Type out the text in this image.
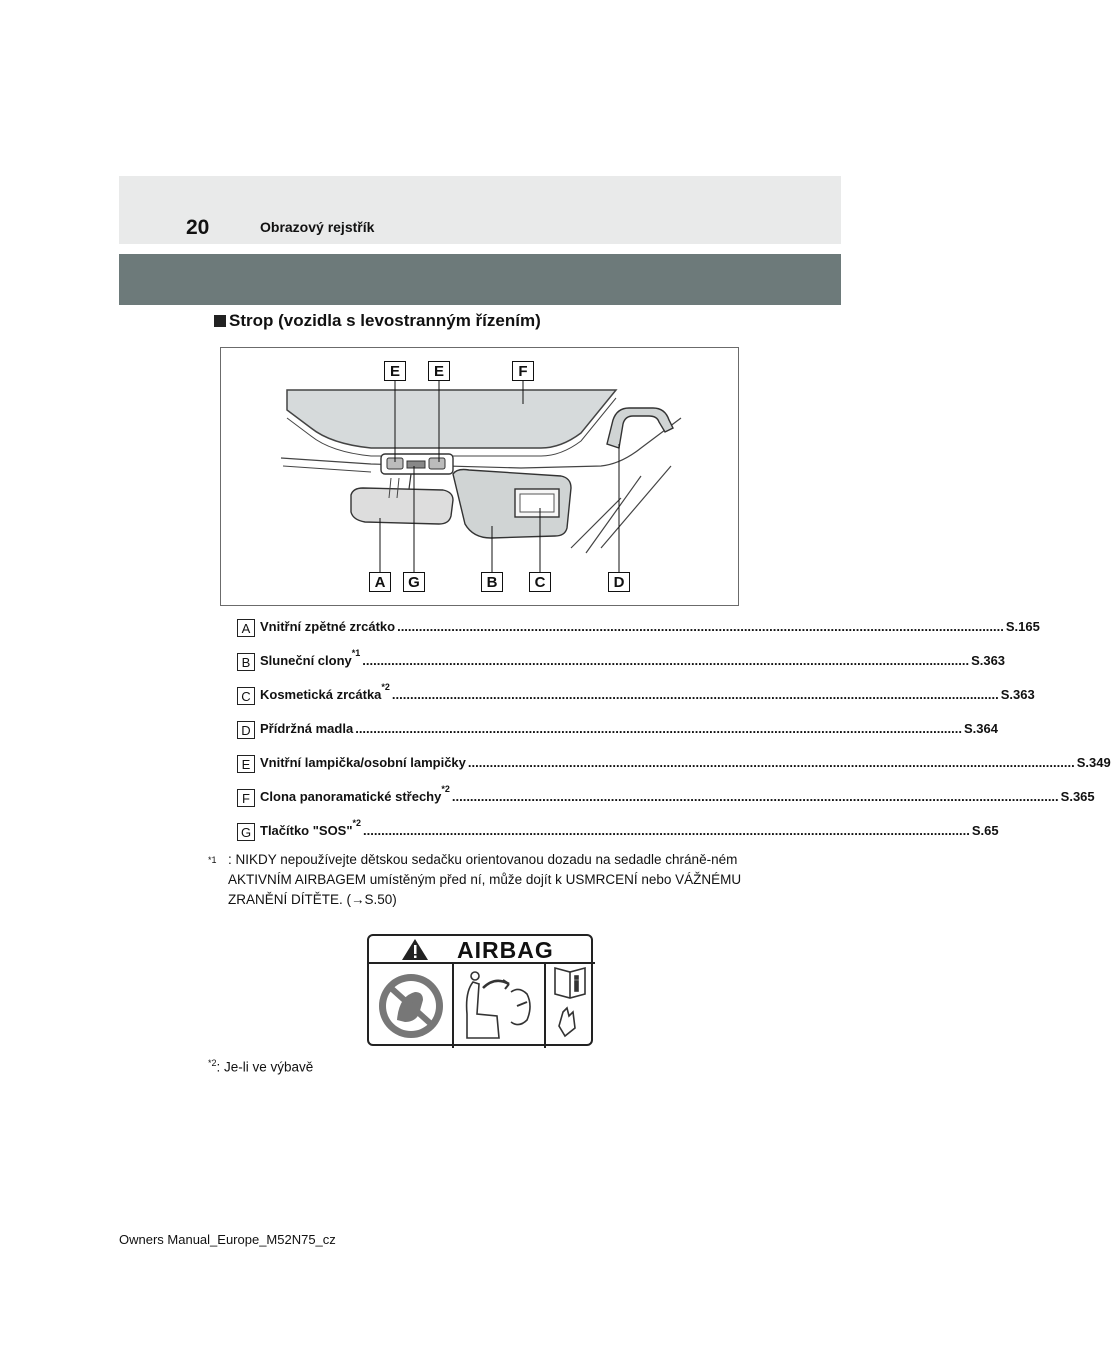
20	Obrazový rejstřík
Strop (vozidla s levostranným řízením)
E	E	F
A	G	B	C	D
A Vnitřní zpětné zrcátko .....	S.165
B Sluneční clony *1 .....	S.363
C Kosmetická zrcátka *2 .....	S.363
D Přídržná madla .....	S.364
E Vnitřní lampička/osobní lampičky .....	S.349
F Clona panoramatické střechy *2 .....	S.365
G Tlačítko "SOS" *2 .....	S.65
*1 : NIKDY nepoužívejte dětskou sedačku orientovanou dozadu na sedadle chráně-ném AKTIVNÍM AIRBAGEM umístěným před ní, může dojít k USMRCENÍ nebo VÁŽNÉMU ZRANĚNÍ DÍTĚTE. (→S.50)
AIRBAG
$^{*2}$: Je-li ve výbavě
Owners Manual_Europe_M52N75_cz
